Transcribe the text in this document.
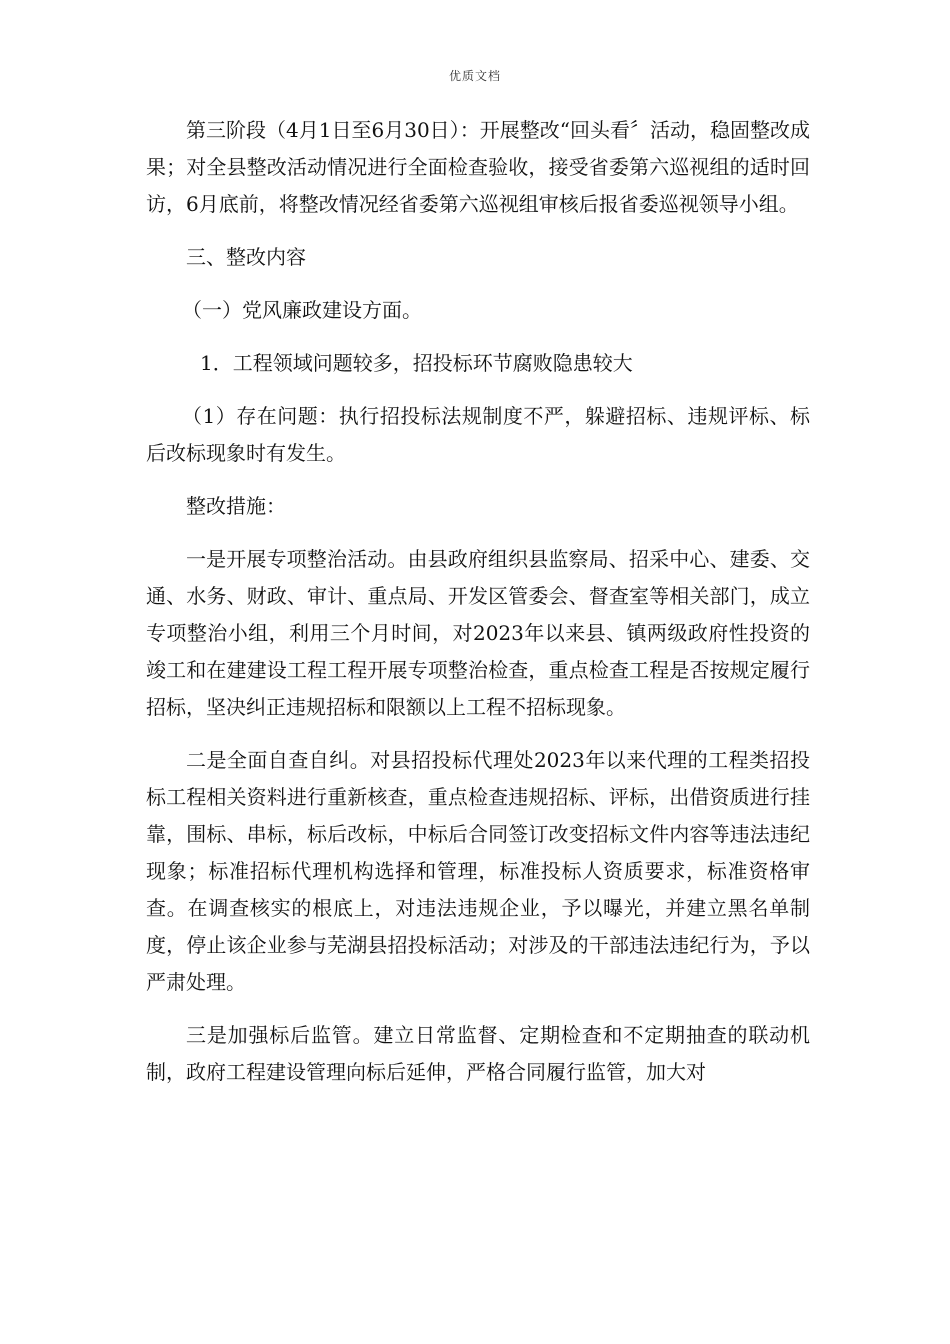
优质文档

第三阶段（4月1日至6月30日）：开展整改“回头看〞活动，稳固整改成果；对全县整改活动情况进行全面检查验收，接受省委第六巡视组的适时回访，6月底前，将整改情况经省委第六巡视组审核后报省委巡视领导小组。

三、整改内容

（一）党风廉政建设方面。

1．工程领域问题较多，招投标环节腐败隐患较大

（1）存在问题：执行招投标法规制度不严，躲避招标、违规评标、标后改标现象时有发生。

整改措施：

一是开展专项整治活动。由县政府组织县监察局、招采中心、建委、交通、水务、财政、审计、重点局、开发区管委会、督查室等相关部门，成立专项整治小组，利用三个月时间，对2023年以来县、镇两级政府性投资的竣工和在建建设工程工程开展专项整治检查，重点检查工程是否按规定履行招标，坚决纠正违规招标和限额以上工程不招标现象。

二是全面自查自纠。对县招投标代理处2023年以来代理的工程类招投标工程相关资料进行重新核查，重点检查违规招标、评标，出借资质进行挂靠，围标、串标，标后改标，中标后合同签订改变招标文件内容等违法违纪现象；标准招标代理机构选择和管理，标准投标人资质要求，标准资格审查。在调查核实的根底上，对违法违规企业，予以曝光，并建立黑名单制度，停止该企业参与芜湖县招投标活动；对涉及的干部违法违纪行为，予以严肃处理。

三是加强标后监管。建立日常监督、定期检查和不定期抽查的联动机制，政府工程建设管理向标后延伸，严格合同履行监管，加大对
